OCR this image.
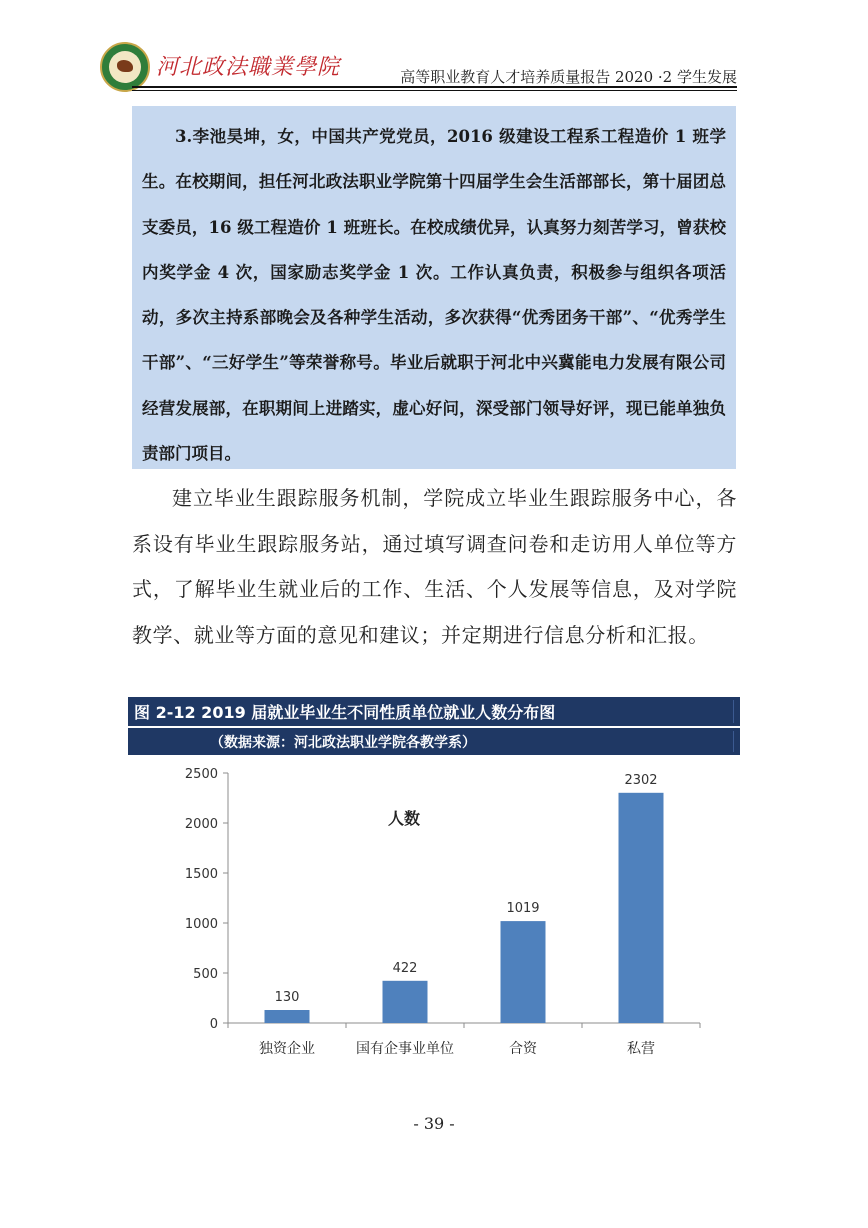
河北政法職業學院	高等职业教育人才培养质量报告 2020 ·2 学生发展

3.李池昊坤，女，中国共产党党员，2016 级建设工程系工程造价 1 班学生。在校期间，担任河北政法职业学院第十四届学生会生活部部长，第十届团总支委员，16 级工程造价 1 班班长。在校成绩优异，认真努力刻苦学习，曾获校内奖学金 4 次，国家励志奖学金 1 次。工作认真负责，积极参与组织各项活动，多次主持系部晚会及各种学生活动，多次获得“优秀团务干部”、“优秀学生干部”、“三好学生”等荣誉称号。毕业后就职于河北中兴冀能电力发展有限公司经营发展部，在职期间上进踏实，虚心好问，深受部门领导好评，现已能单独负责部门项目。

建立毕业生跟踪服务机制，学院成立毕业生跟踪服务中心，各系设有毕业生跟踪服务站，通过填写调查问卷和走访用人单位等方式，了解毕业生就业后的工作、生活、个人发展等信息，及对学院教学、就业等方面的意见和建议；并定期进行信息分析和汇报。

图 2-12 2019 届就业毕业生不同性质单位就业人数分布图
（数据来源：河北政法职业学院各教学系）
0
500
1000
1500
2000
2500
130
独资企业
422
国有企事业单位
1019
合资
2302
私营
人数
- 39 -
